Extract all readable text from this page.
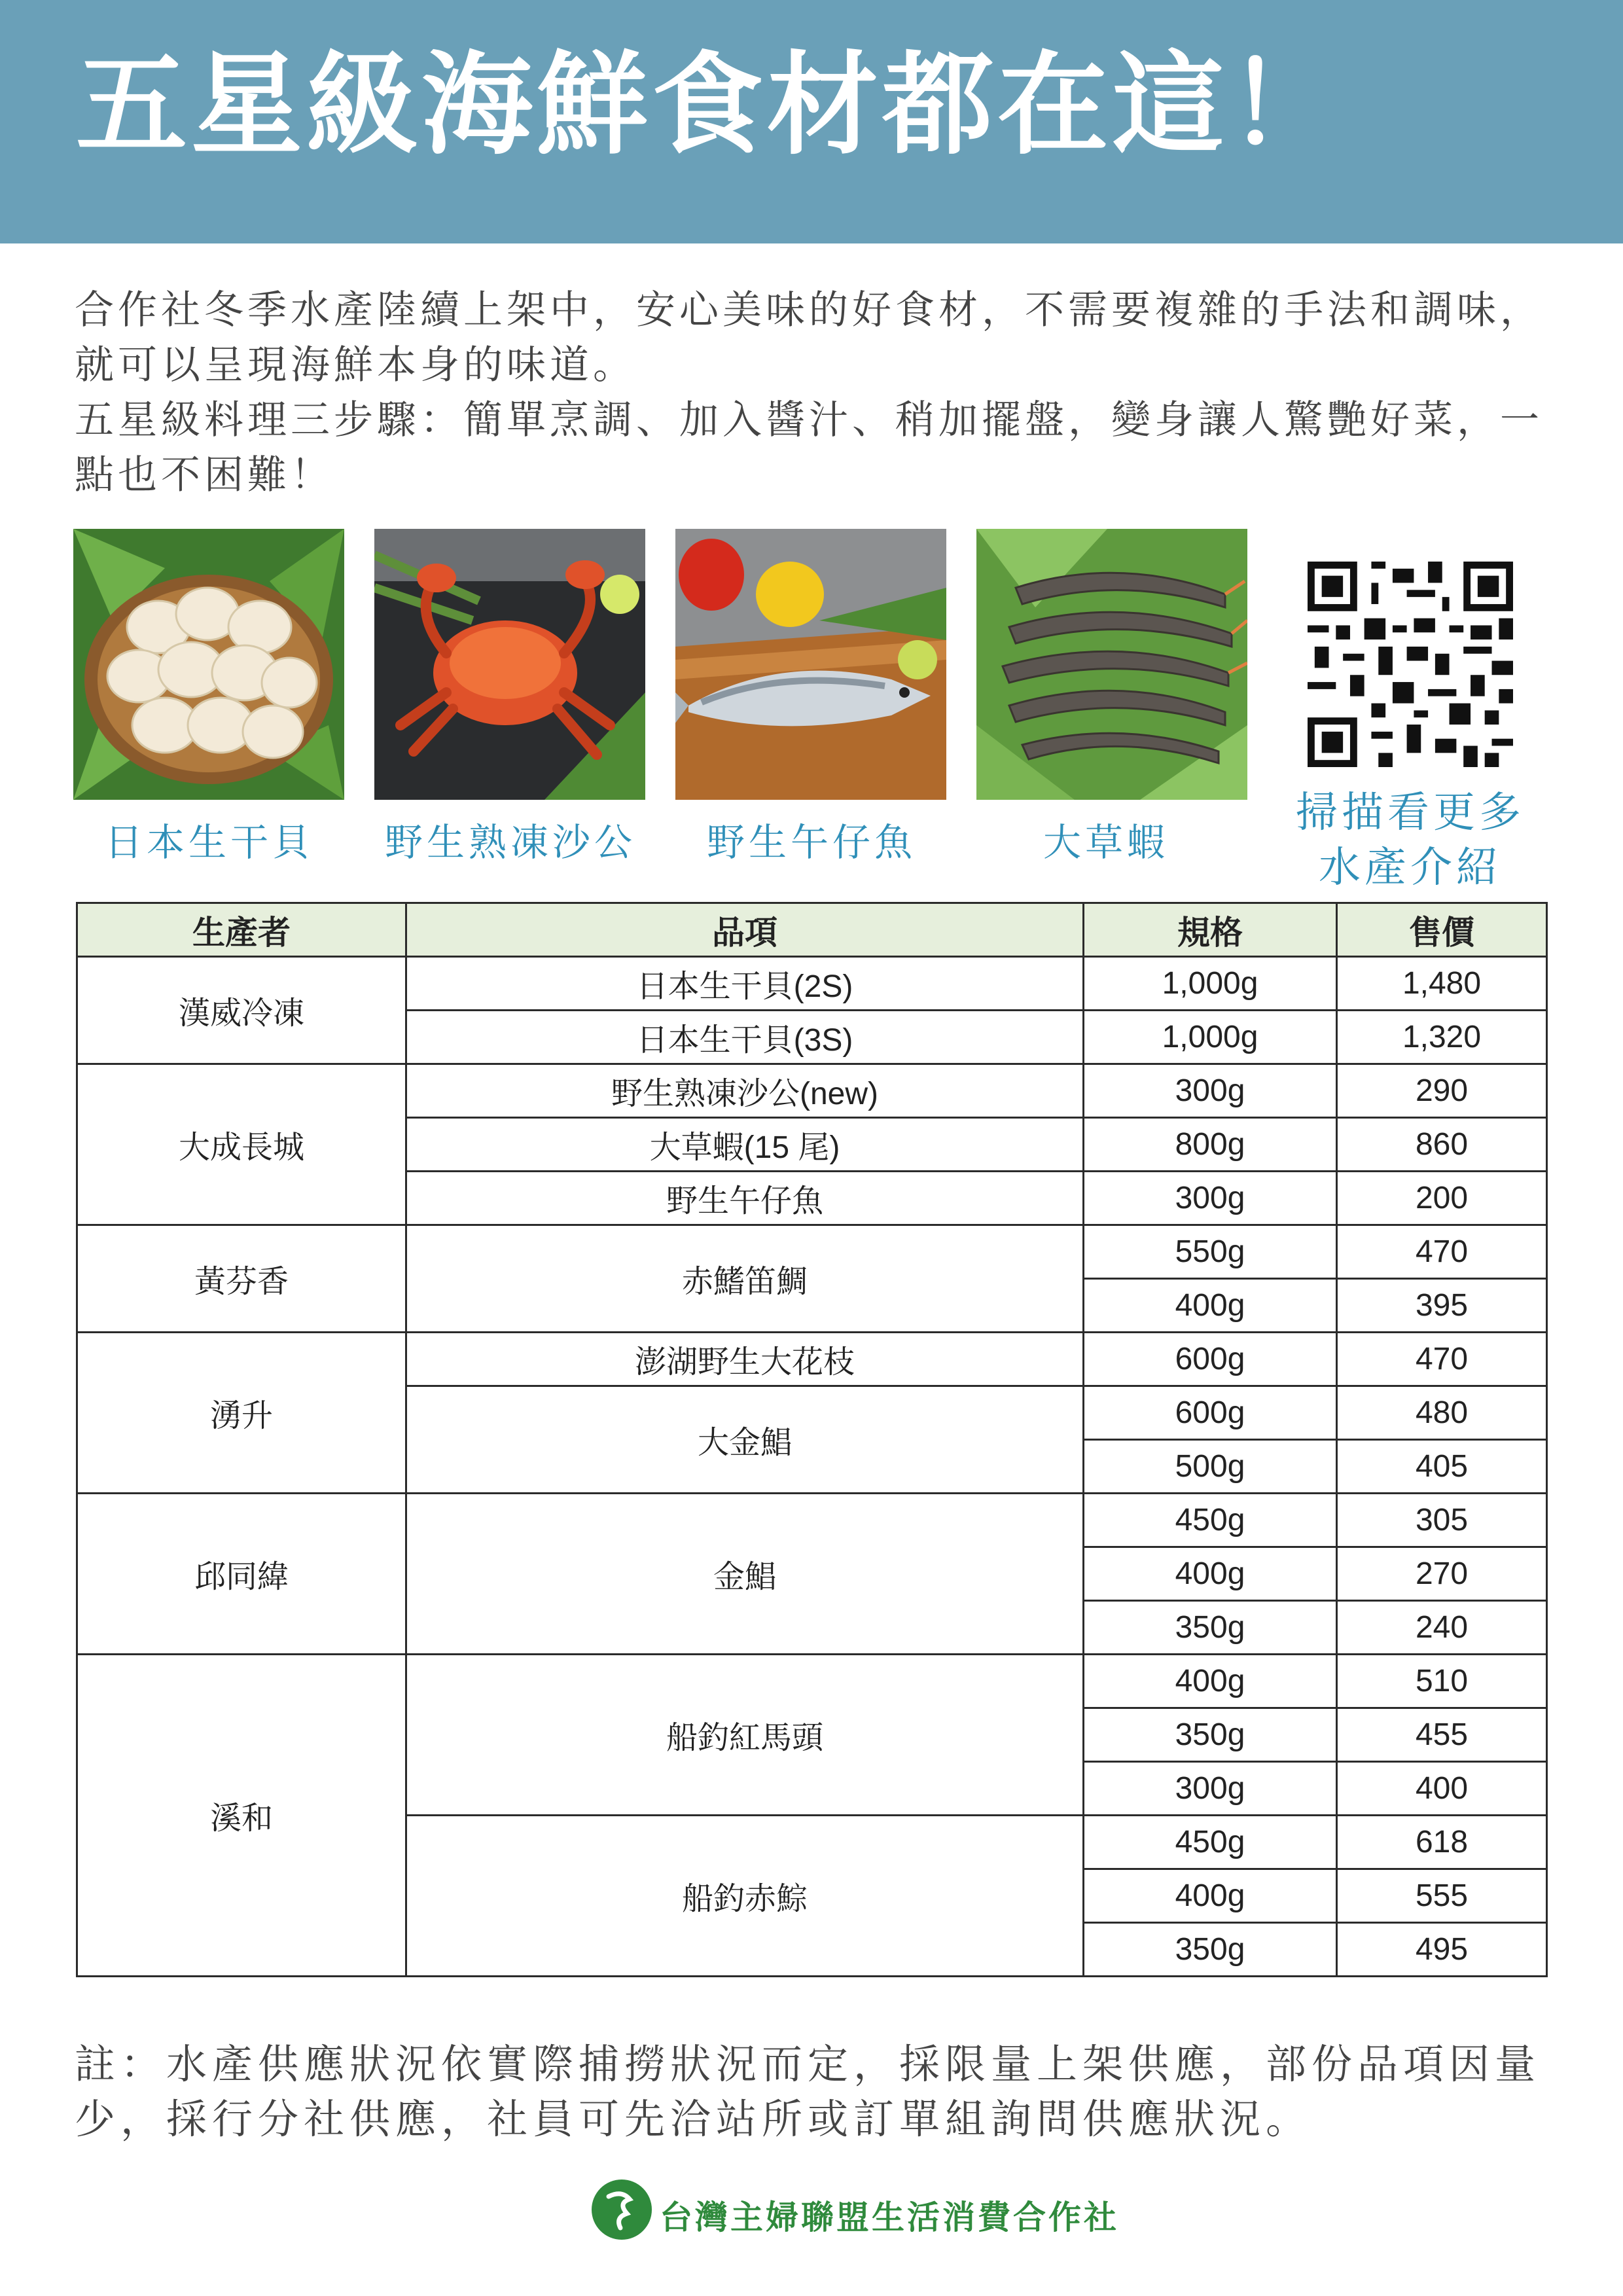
五星級海鮮食材都在這！

合作社冬季水產陸續上架中，安心美味的好食材，不需要複雜的手法和調味，就可以呈現海鮮本身的味道。

五星級料理三步驟：簡單烹調、加入醬汁、稍加擺盤，變身讓人驚艷好菜，一點也不困難！

日本生干貝	野生熟凍沙公	野生午仔魚	大草蝦
掃描看更多
水產介紹
生產者	品項	規格	售價
漢威冷凍	日本生干貝(2S)	1,000g	1,480
	日本生干貝(3S)	1,000g	1,320
大成長城	野生熟凍沙公(new)	300g	290
	大草蝦(15 尾)	800g	860
	野生午仔魚	300g	200
黃芬香	赤鰭笛鯛	550g	470
		400g	395
湧升	澎湖野生大花枝	600g	470
	大金鯧	600g	480
		500g	405
邱同緯	金鯧	450g	305
		400g	270
		350g	240
溪和	船釣紅馬頭	400g	510
		350g	455
		300g	400
	船釣赤鯮	450g	618
		400g	555
		350g	495
註：水產供應狀況依實際捕撈狀況而定，採限量上架供應，部份品項因量少，採行分社供應，社員可先洽站所或訂單組詢問供應狀況。
台灣主婦聯盟生活消費合作社
